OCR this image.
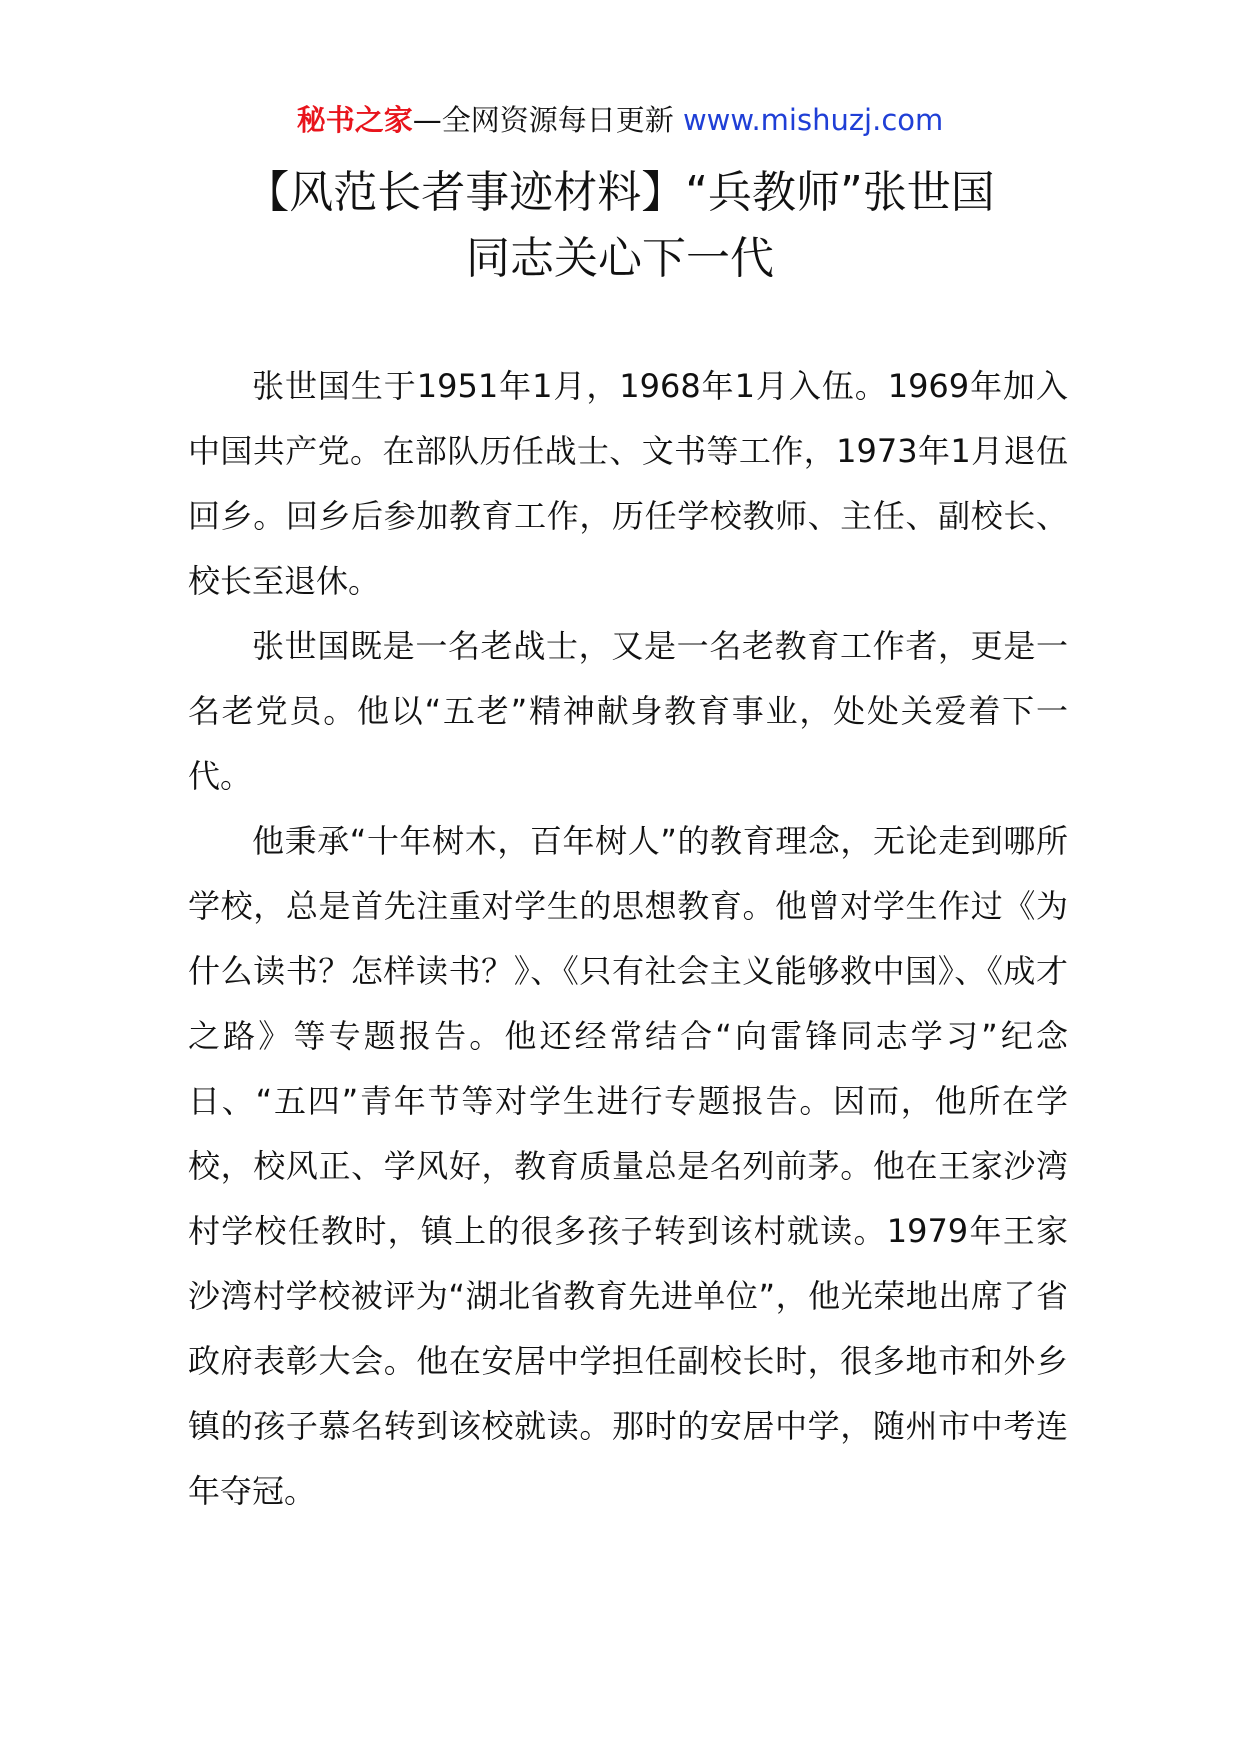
秘书之家—全网资源每日更新 www.mishuzj.com
【风范长者事迹材料】“兵教师”张世国
同志关心下一代

张世国生于1951年1月，1968年1月入伍。1969年加入中国共产党。在部队历任战士、文书等工作，1973年1月退伍回乡。回乡后参加教育工作，历任学校教师、主任、副校长、校长至退休。

张世国既是一名老战士，又是一名老教育工作者，更是一名老党员。他以“五老”精神献身教育事业，处处关爱着下一代。

他秉承“十年树木，百年树人”的教育理念，无论走到哪所学校，总是首先注重对学生的思想教育。他曾对学生作过《为什么读书？怎样读书？》、《只有社会主义能够救中国》、《成才之路》等专题报告。他还经常结合“向雷锋同志学习”纪念日、“五四”青年节等对学生进行专题报告。因而，他所在学校，校风正、学风好，教育质量总是名列前茅。他在王家沙湾村学校任教时，镇上的很多孩子转到该村就读。1979年王家沙湾村学校被评为“湖北省教育先进单位”，他光荣地出席了省政府表彰大会。他在安居中学担任副校长时，很多地市和外乡镇的孩子慕名转到该校就读。那时的安居中学，随州市中考连年夺冠。
